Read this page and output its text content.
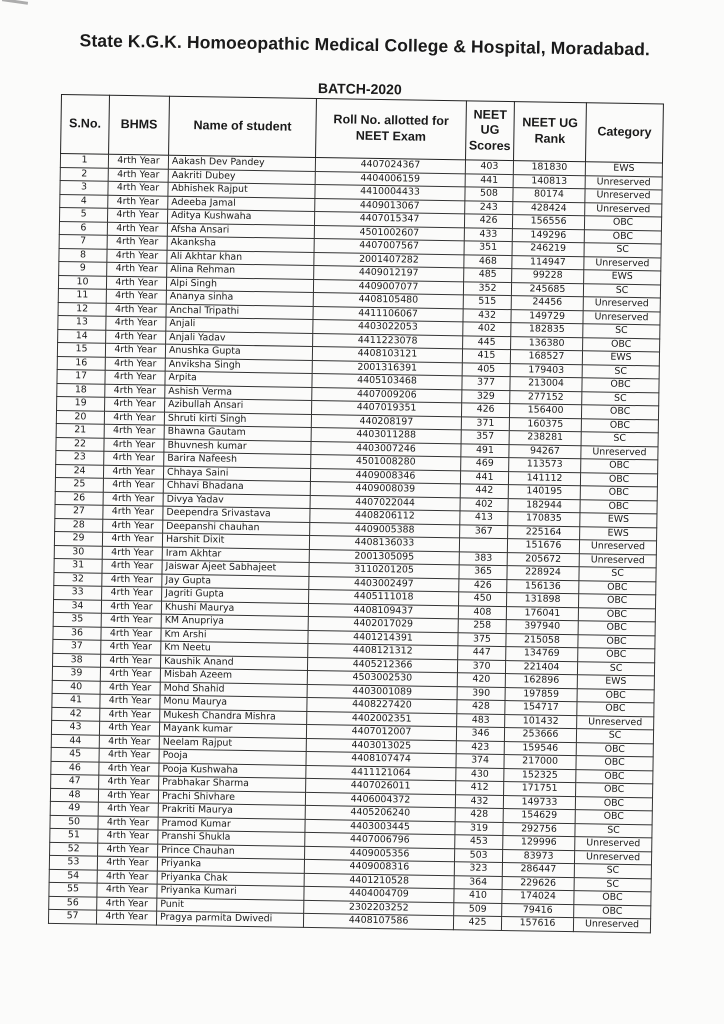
State K.G.K. Homoeopathic Medical College & Hospital, Moradabad.
BATCH-2020
S.No.	BHMS	Name of student	Roll No. allotted for NEET Exam	NEET UG Scores	NEET UG Rank	Category
1	4rth Year	Aakash Dev Pandey	4407024367	403	181830	EWS
2	4rth Year	Aakriti Dubey	4404006159	441	140813	Unreserved
3	4rth Year	Abhishek Rajput	4410004433	508	80174	Unreserved
4	4rth Year	Adeeba Jamal	4409013067	243	428424	Unreserved
5	4rth Year	Aditya Kushwaha	4407015347	426	156556	OBC
6	4rth Year	Afsha Ansari	4501002607	433	149296	OBC
7	4rth Year	Akanksha	4407007567	351	246219	SC
8	4rth Year	Ali Akhtar khan	2001407282	468	114947	Unreserved
9	4rth Year	Alina Rehman	4409012197	485	99228	EWS
10	4rth Year	Alpi Singh	4409007077	352	245685	SC
11	4rth Year	Ananya sinha	4408105480	515	24456	Unreserved
12	4rth Year	Anchal Tripathi	4411106067	432	149729	Unreserved
13	4rth Year	Anjali	4403022053	402	182835	SC
14	4rth Year	Anjali Yadav	4411223078	445	136380	OBC
15	4rth Year	Anushka Gupta	4408103121	415	168527	EWS
16	4rth Year	Anviksha Singh	2001316391	405	179403	SC
17	4rth Year	Arpita	4405103468	377	213004	OBC
18	4rth Year	Ashish Verma	4407009206	329	277152	SC
19	4rth Year	Azibullah Ansari	4407019351	426	156400	OBC
20	4rth Year	Shruti kirti Singh	440208197	371	160375	OBC
21	4rth Year	Bhawna Gautam	4403011288	357	238281	SC
22	4rth Year	Bhuvnesh kumar	4403007246	491	94267	Unreserved
23	4rth Year	Barira Nafeesh	4501008280	469	113573	OBC
24	4rth Year	Chhaya Saini	4409008346	441	141112	OBC
25	4rth Year	Chhavi Bhadana	4409008039	442	140195	OBC
26	4rth Year	Divya Yadav	4407022044	402	182944	OBC
27	4rth Year	Deependra Srivastava	4408206112	413	170835	EWS
28	4rth Year	Deepanshi chauhan	4409005388	367	225164	EWS
29	4rth Year	Harshit Dixit	4408136033		151676	Unreserved
30	4rth Year	Iram Akhtar	2001305095	383	205672	Unreserved
31	4rth Year	Jaiswar Ajeet Sabhajeet	3110201205	365	228924	SC
32	4rth Year	Jay Gupta	4403002497	426	156136	OBC
33	4rth Year	Jagriti Gupta	4405111018	450	131898	OBC
34	4rth Year	Khushi Maurya	4408109437	408	176041	OBC
35	4rth Year	KM Anupriya	4402017029	258	397940	OBC
36	4rth Year	Km Arshi	4401214391	375	215058	OBC
37	4rth Year	Km Neetu	4408121312	447	134769	OBC
38	4rth Year	Kaushik Anand	4405212366	370	221404	SC
39	4rth Year	Misbah Azeem	4503002530	420	162896	EWS
40	4rth Year	Mohd Shahid	4403001089	390	197859	OBC
41	4rth Year	Monu Maurya	4408227420	428	154717	OBC
42	4rth Year	Mukesh Chandra Mishra	4402002351	483	101432	Unreserved
43	4rth Year	Mayank kumar	4407012007	346	253666	SC
44	4rth Year	Neelam Rajput	4403013025	423	159546	OBC
45	4rth Year	Pooja	4408107474	374	217000	OBC
46	4rth Year	Pooja Kushwaha	4411121064	430	152325	OBC
47	4rth Year	Prabhakar Sharma	4407026011	412	171751	OBC
48	4rth Year	Prachi Shivhare	4406004372	432	149733	OBC
49	4rth Year	Prakriti Maurya	4405206240	428	154629	OBC
50	4rth Year	Pramod Kumar	4403003445	319	292756	SC
51	4rth Year	Pranshi Shukla	4407006796	453	129996	Unreserved
52	4rth Year	Prince Chauhan	4409005356	503	83973	Unreserved
53	4rth Year	Priyanka	4409008316	323	286447	SC
54	4rth Year	Priyanka Chak	4401210528	364	229626	SC
55	4rth Year	Priyanka Kumari	4404004709	410	174024	OBC
56	4rth Year	Punit	2302203252	509	79416	OBC
57	4rth Year	Pragya parmita Dwivedi	4408107586	425	157616	Unreserved
